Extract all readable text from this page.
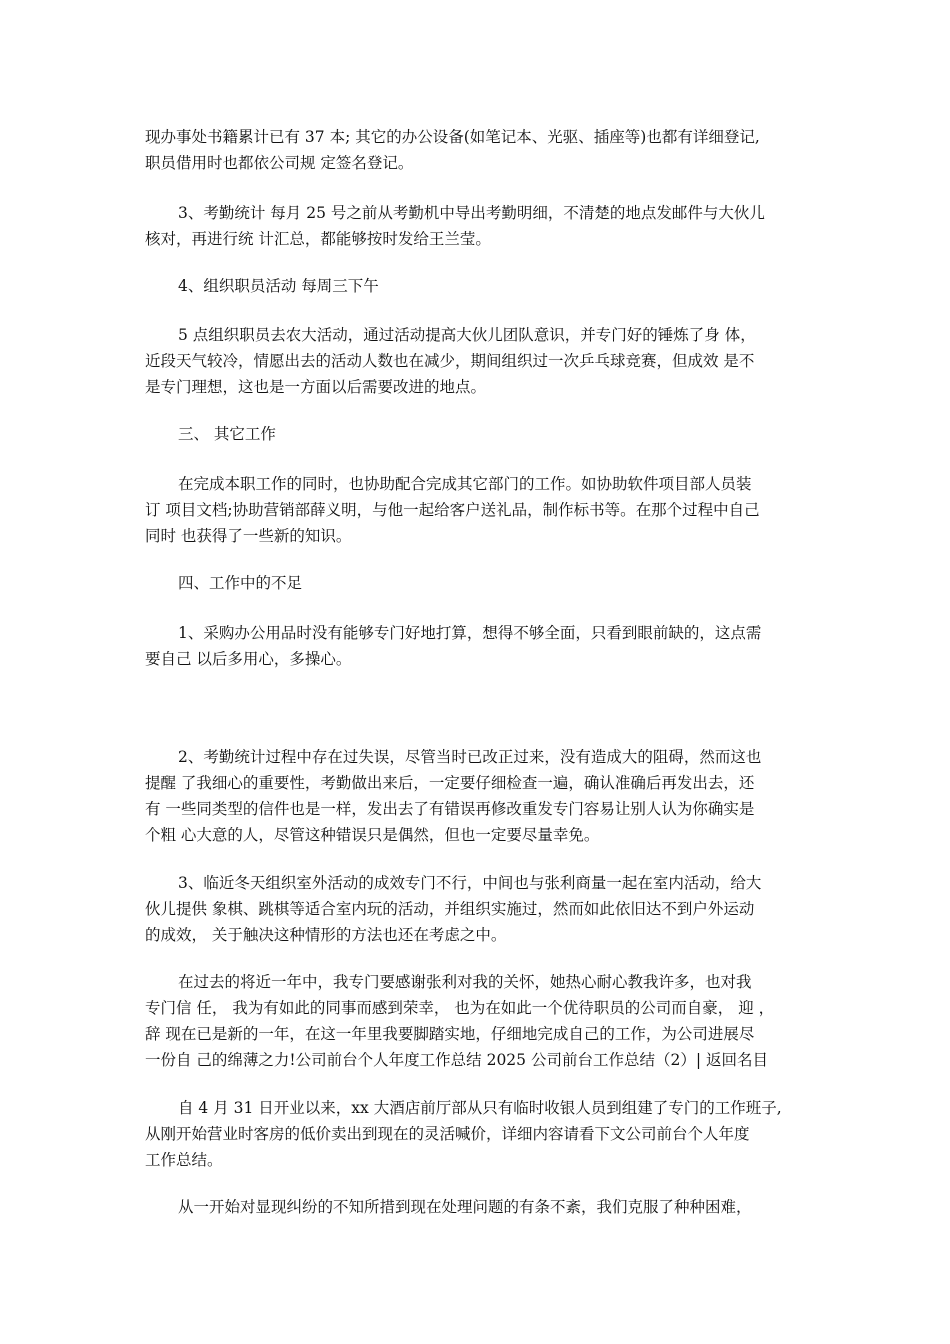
现办事处书籍累计已有 37 本; 其它的办公设备(如笔记本、光驱、插座等)也都有详细登记,
职员借用时也都依公司规 定签名登记。

3、考勤统计 每月 25 号之前从考勤机中导出考勤明细，不清楚的地点发邮件与大伙儿
核对，再进行统 计汇总，都能够按时发给王兰莹。

4、组织职员活动 每周三下午

5 点组织职员去农大活动，通过活动提高大伙儿团队意识，并专门好的锤炼了身 体，
近段天气较冷，情愿出去的活动人数也在减少，期间组织过一次乒乓球竞赛，但成效 是不
是专门理想，这也是一方面以后需要改进的地点。

三、 其它工作

在完成本职工作的同时，也协助配合完成其它部门的工作。如协助软件项目部人员装
订 项目文档;协助营销部薛义明，与他一起给客户送礼品，制作标书等。在那个过程中自己
同时 也获得了一些新的知识。

四、工作中的不足

1、采购办公用品时没有能够专门好地打算，想得不够全面，只看到眼前缺的，这点需
要自己 以后多用心，多操心。

2、考勤统计过程中存在过失误，尽管当时已改正过来，没有造成大的阻碍，然而这也
提醒 了我细心的重要性，考勤做出来后，一定要仔细检查一遍，确认准确后再发出去，还
有 一些同类型的信件也是一样，发出去了有错误再修改重发专门容易让别人认为你确实是
个粗 心大意的人，尽管这种错误只是偶然，但也一定要尽量幸免。

3、临近冬天组织室外活动的成效专门不行，中间也与张利商量一起在室内活动，给大
伙儿提供 象棋、跳棋等适合室内玩的活动，并组织实施过，然而如此依旧达不到户外运动
的成效， 关于触决这种情形的方法也还在考虑之中。

在过去的将近一年中，我专门要感谢张利对我的关怀，她热心耐心教我许多，也对我
专门信 任， 我为有如此的同事而感到荣幸， 也为在如此一个优待职员的公司而自豪， 迎 ，
辞 现在已是新的一年，在这一年里我要脚踏实地，仔细地完成自己的工作，为公司进展尽
一份自 己的绵薄之力!公司前台个人年度工作总结 2025 公司前台工作总结（2）| 返回名目

自 4 月 31 日开业以来，xx 大酒店前厅部从只有临时收银人员到组建了专门的工作班子,
从刚开始营业时客房的低价卖出到现在的灵活喊价，详细内容请看下文公司前台个人年度
工作总结。

从一开始对显现纠纷的不知所措到现在处理问题的有条不紊，我们克服了种种困难，
